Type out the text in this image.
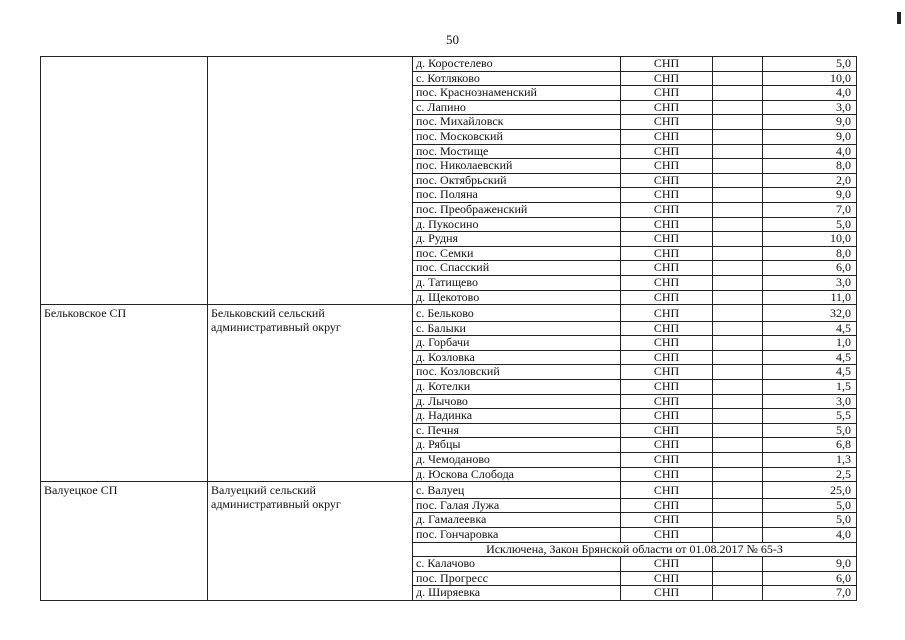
50
		д. Коростелево	СНП		5,0
		с. Котляково	СНП		10,0
		пос. Краснознаменский	СНП		4,0
		с. Лапино	СНП		3,0
		пос. Михайловск	СНП		9,0
		пос. Московский	СНП		9,0
		пос. Мостище	СНП		4,0
		пос. Николаевский	СНП		8,0
		пос. Октябрьский	СНП		2,0
		пос. Поляна	СНП		9,0
		пос. Преображенский	СНП		7,0
		д. Пукосино	СНП		5,0
		д. Рудня	СНП		10,0
		пос. Семки	СНП		8,0
		пос. Спасский	СНП		6,0
		д. Татищево	СНП		3,0
		д. Щекотово	СНП		11,0
Бельковское СП	Бельковский сельский административный округ	с. Бельково	СНП		32,0
		с. Балыки	СНП		4,5
		д. Горбачи	СНП		1,0
		д. Козловка	СНП		4,5
		пос. Козловский	СНП		4,5
		д. Котелки	СНП		1,5
		д. Лычово	СНП		3,0
		д. Надинка	СНП		5,5
		с. Печня	СНП		5,0
		д. Рябцы	СНП		6,8
		д. Чемоданово	СНП		1,3
		д. Юскова Слобода	СНП		2,5
Валуецкое СП	Валуецкий сельский административный округ	с. Валуец	СНП		25,0
		пос. Галая Лужа	СНП		5,0
		д. Гамалеевка	СНП		5,0
		пос. Гончаровка	СНП		4,0
		Исключена, Закон Брянской области от 01.08.2017 № 65-З			
		с. Калачово	СНП		9,0
		пос. Прогресс	СНП		6,0
		д. Ширяевка	СНП		7,0
